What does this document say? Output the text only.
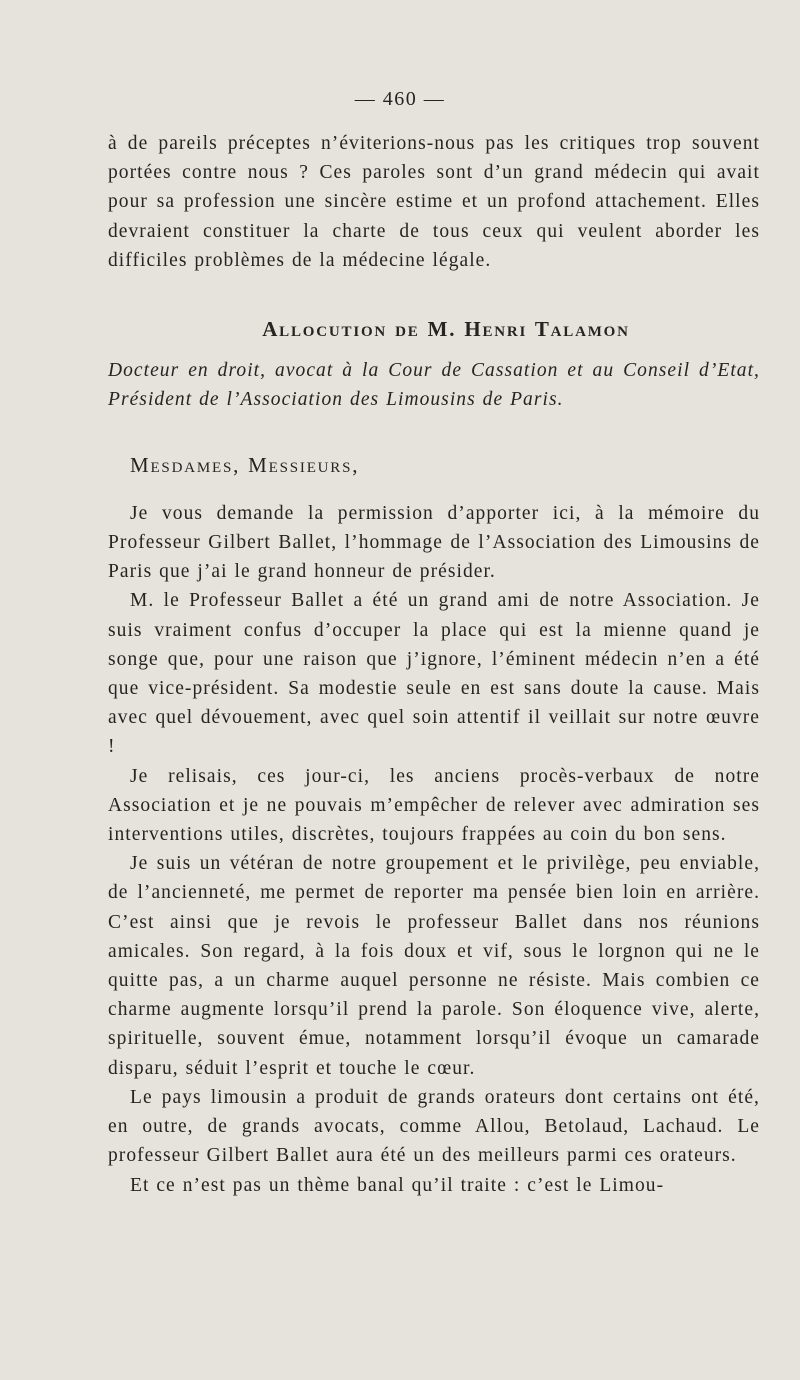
— 460 —

à de pareils préceptes n’éviterions-nous pas les critiques trop souvent portées contre nous ? Ces paroles sont d’un grand médecin qui avait pour sa profession une sincère estime et un profond attachement. Elles devraient constituer la charte de tous ceux qui veulent aborder les difficiles problèmes de la médecine légale.

Allocution de M. Henri Talamon

Docteur en droit, avocat à la Cour de Cassation et au Conseil d’Etat, Président de l’Association des Limousins de Paris.

Mesdames, Messieurs,

Je vous demande la permission d’apporter ici, à la mémoire du Professeur Gilbert Ballet, l’hommage de l’Association des Limousins de Paris que j’ai le grand honneur de présider.

M. le Professeur Ballet a été un grand ami de notre Association. Je suis vraiment confus d’occuper la place qui est la mienne quand je songe que, pour une raison que j’ignore, l’éminent médecin n’en a été que vice-président. Sa modestie seule en est sans doute la cause. Mais avec quel dévouement, avec quel soin attentif il veillait sur notre œuvre !

Je relisais, ces jour-ci, les anciens procès-verbaux de notre Association et je ne pouvais m’empêcher de relever avec admiration ses interventions utiles, discrètes, toujours frappées au coin du bon sens.

Je suis un vétéran de notre groupement et le privilège, peu enviable, de l’ancienneté, me permet de reporter ma pensée bien loin en arrière. C’est ainsi que je revois le professeur Ballet dans nos réunions amicales. Son regard, à la fois doux et vif, sous le lorgnon qui ne le quitte pas, a un charme auquel personne ne résiste. Mais combien ce charme augmente lorsqu’il prend la parole. Son éloquence vive, alerte, spirituelle, souvent émue, notamment lorsqu’il évoque un camarade disparu, séduit l’esprit et touche le cœur.

Le pays limousin a produit de grands orateurs dont certains ont été, en outre, de grands avocats, comme Allou, Betolaud, Lachaud. Le professeur Gilbert Ballet aura été un des meilleurs parmi ces orateurs.

Et ce n’est pas un thème banal qu’il traite : c’est le Limou-
